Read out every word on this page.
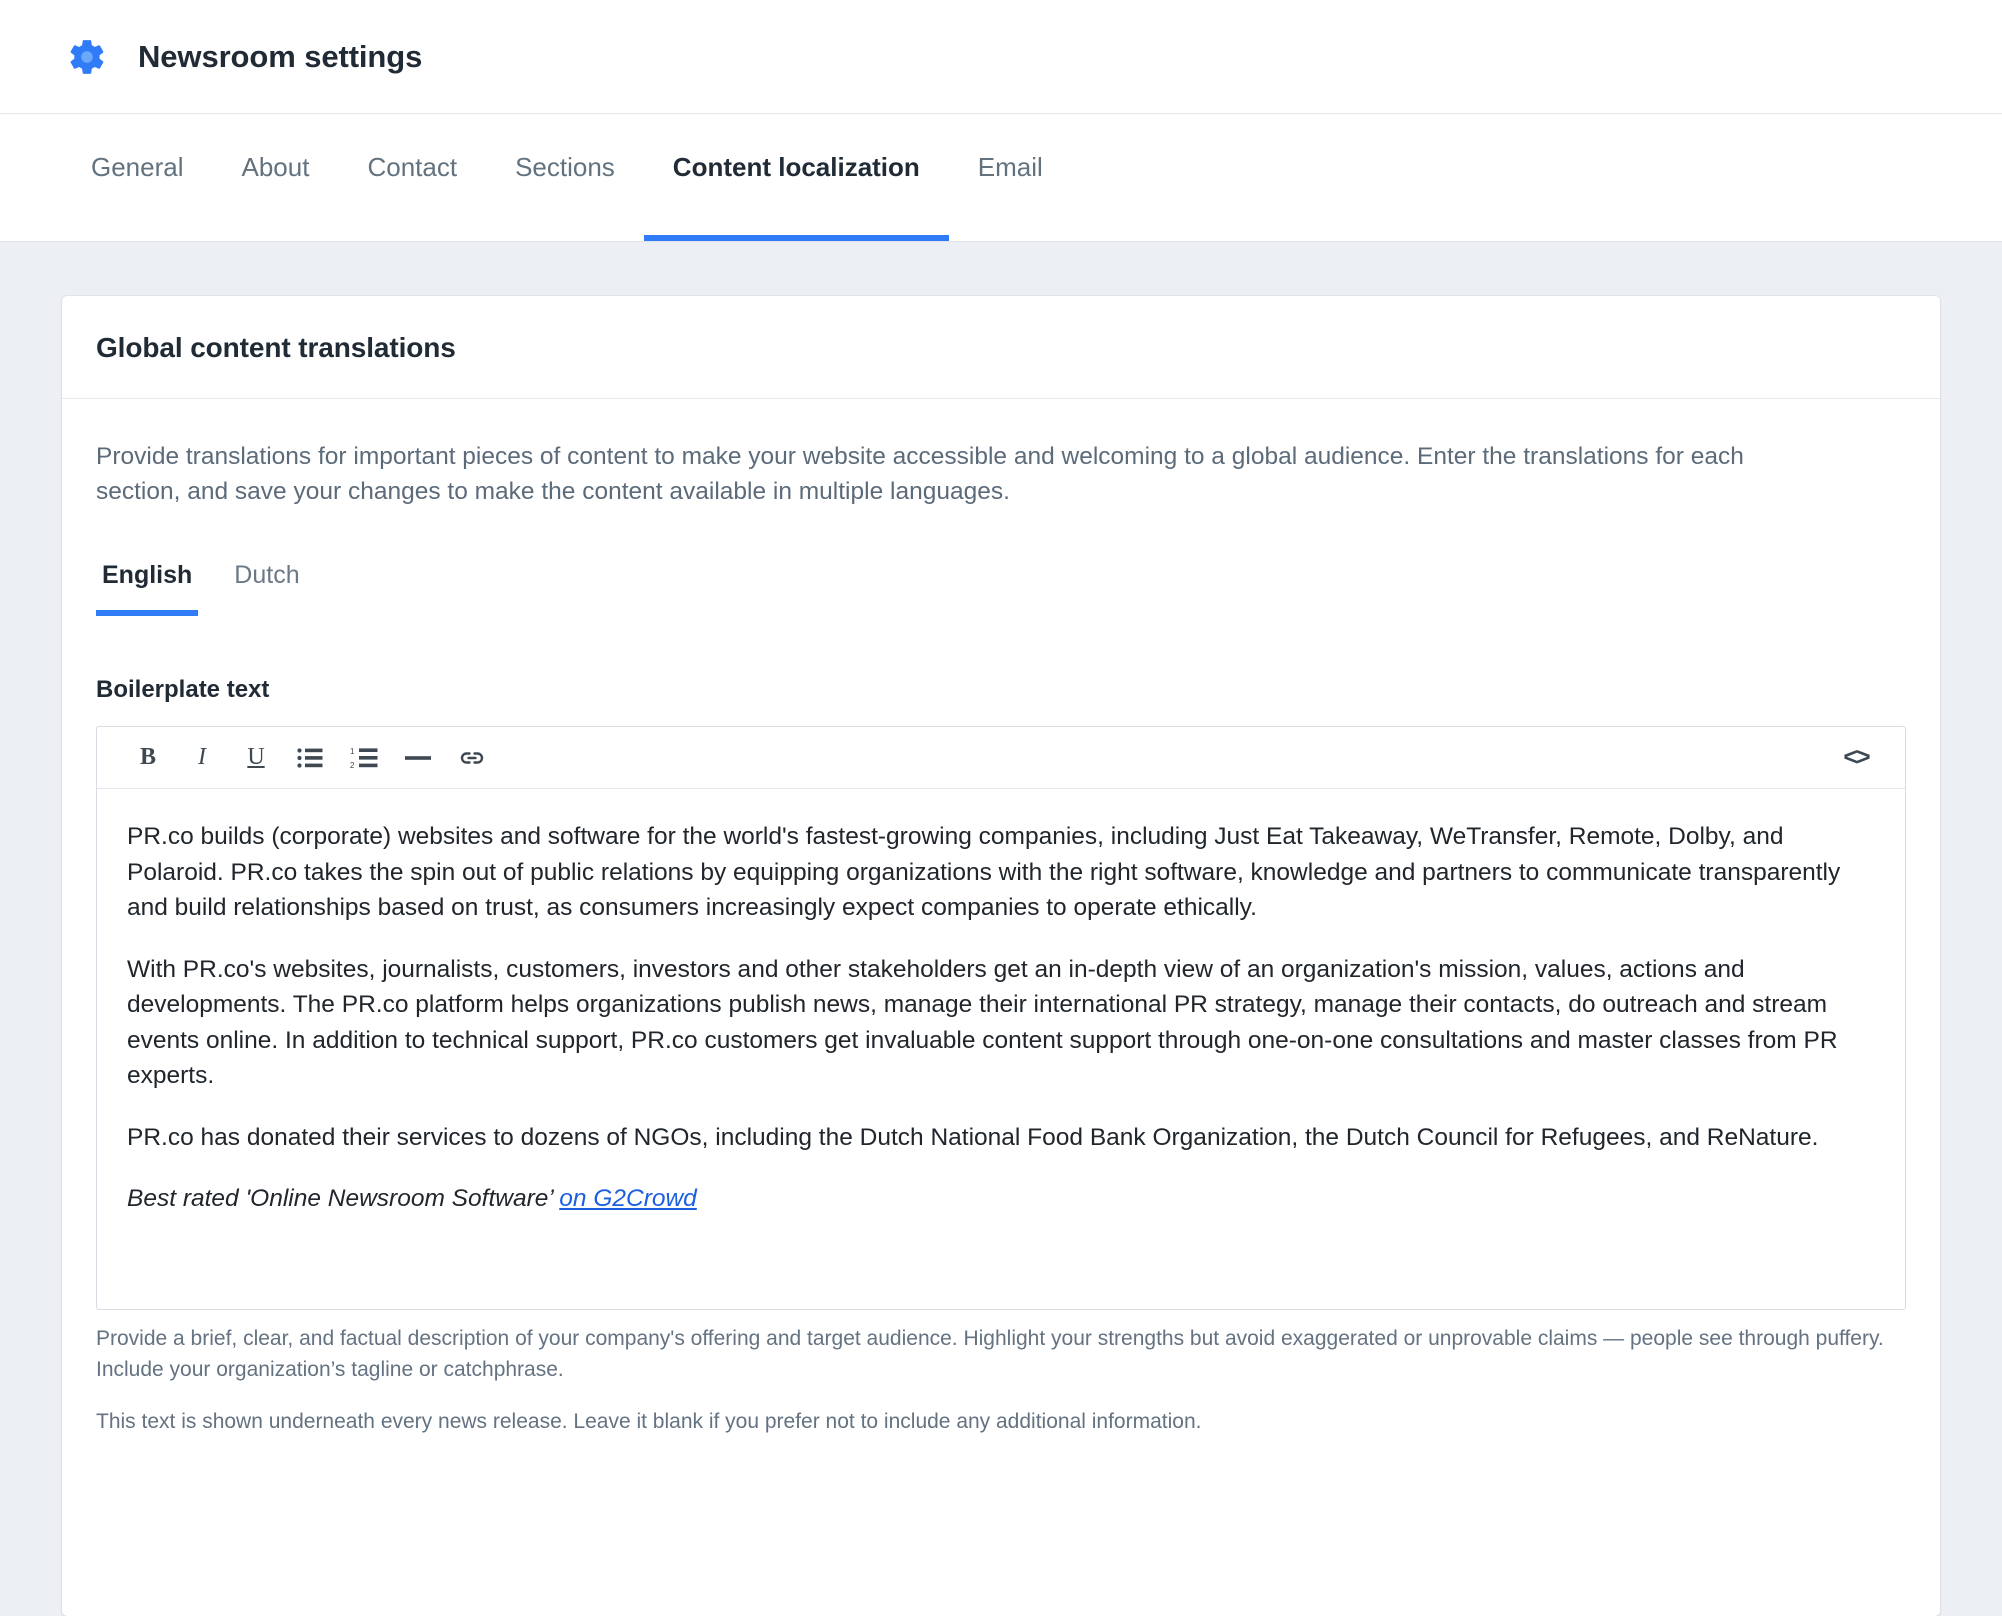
Newsroom settings
General	About	Contact	Sections	Content localization	Email
Global content translations

Provide translations for important pieces of content to make your website accessible and welcoming to a global audience. Enter the translations for each section, and save your changes to make the content available in multiple languages.

English Dutch
Boilerplate text
B	I	U	1
2	<>

PR.co builds (corporate) websites and software for the world's fastest-growing companies, including Just Eat Takeaway, WeTransfer, Remote, Dolby, and Polaroid. PR.co takes the spin out of public relations by equipping organizations with the right software, knowledge and partners to communicate transparently and build relationships based on trust, as consumers increasingly expect companies to operate ethically.

With PR.co's websites, journalists, customers, investors and other stakeholders get an in-depth view of an organization's mission, values, actions and developments. The PR.co platform helps organizations publish news, manage their international PR strategy, manage their contacts, do outreach and stream events online. In addition to technical support, PR.co customers get invaluable content support through one-on-one consultations and master classes from PR experts.

PR.co has donated their services to dozens of NGOs, including the Dutch National Food Bank Organization, the Dutch Council for Refugees, and ReNature.

Best rated 'Online Newsroom Software’ on G2Crowd

Provide a brief, clear, and factual description of your company's offering and target audience. Highlight your strengths but avoid exaggerated or unprovable claims — people see through puffery. Include your organization’s tagline or catchphrase.
This text is shown underneath every news release. Leave it blank if you prefer not to include any additional information.
